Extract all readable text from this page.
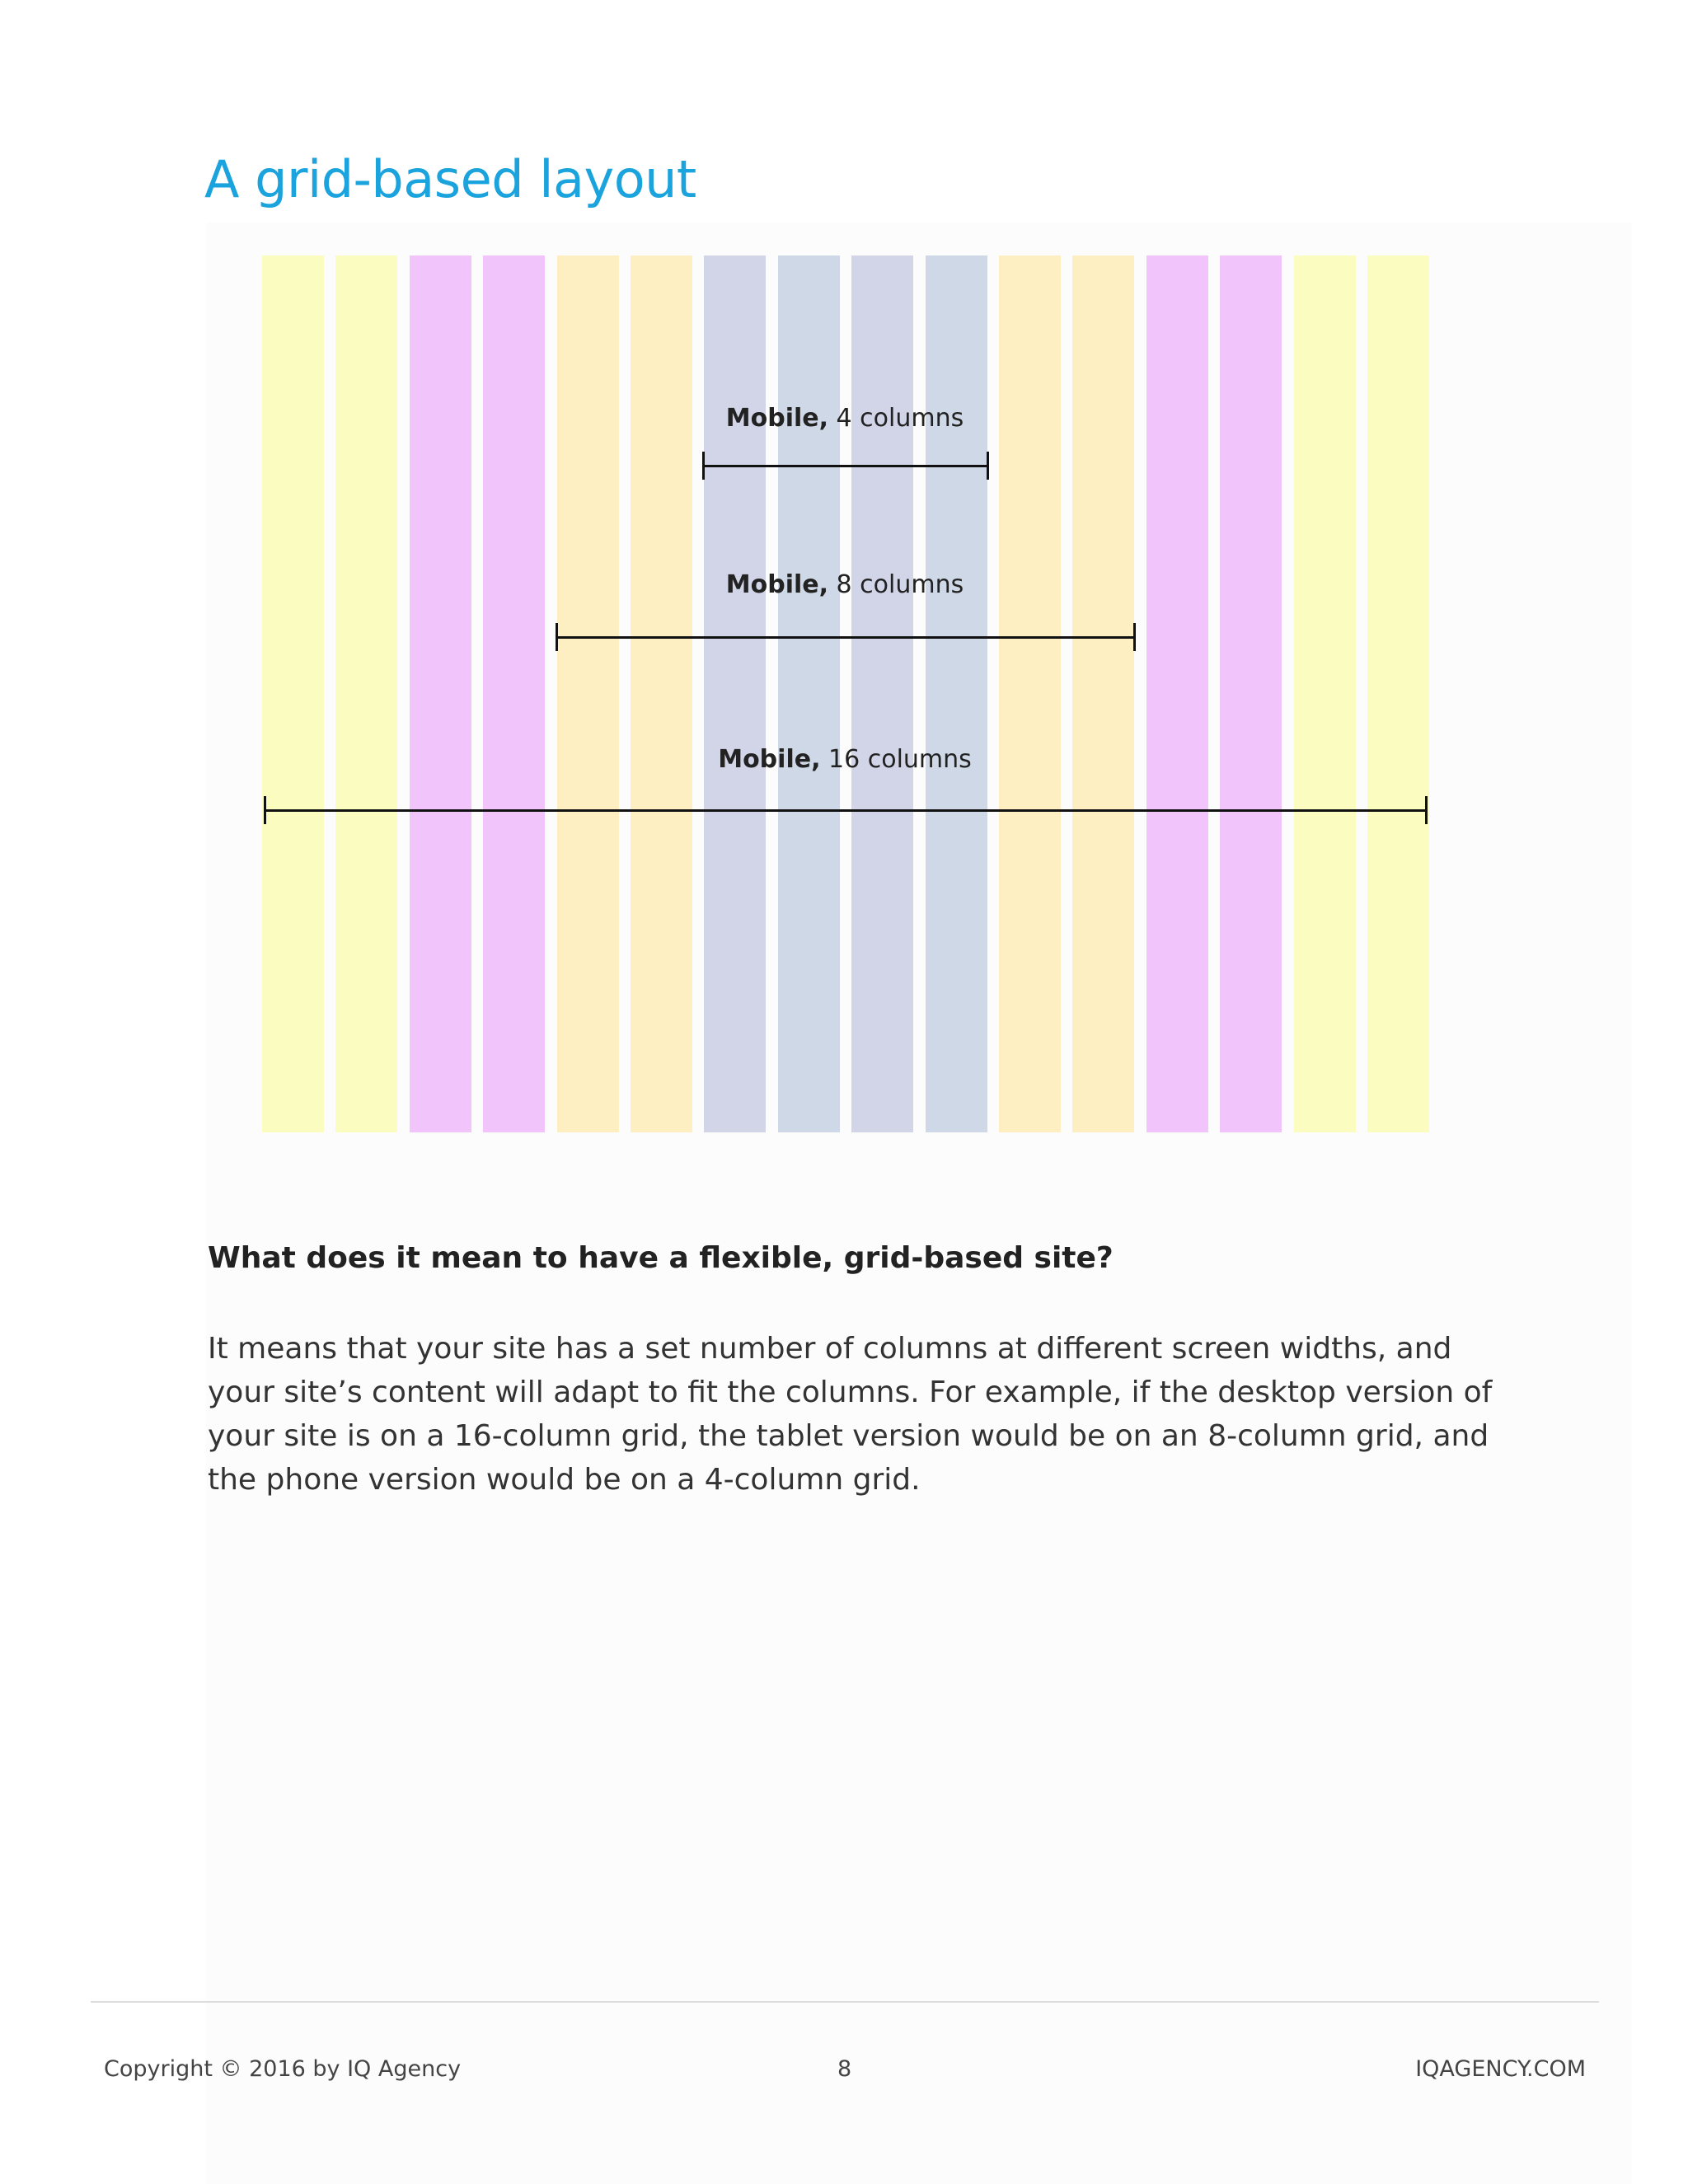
A grid-based layout
Mobile, 4 columns
Mobile, 8 columns
Mobile, 16 columns
What does it mean to have a flexible, grid-based site?

It means that your site has a set number of columns at different screen widths, and your site’s content will adapt to fit the columns. For example, if the desktop version of your site is on a 16-column grid, the tablet version would be on an 8-column grid, and the phone version would be on a 4-column grid.

Copyright © 2016 by IQ Agency	8	IQAGENCY.COM
